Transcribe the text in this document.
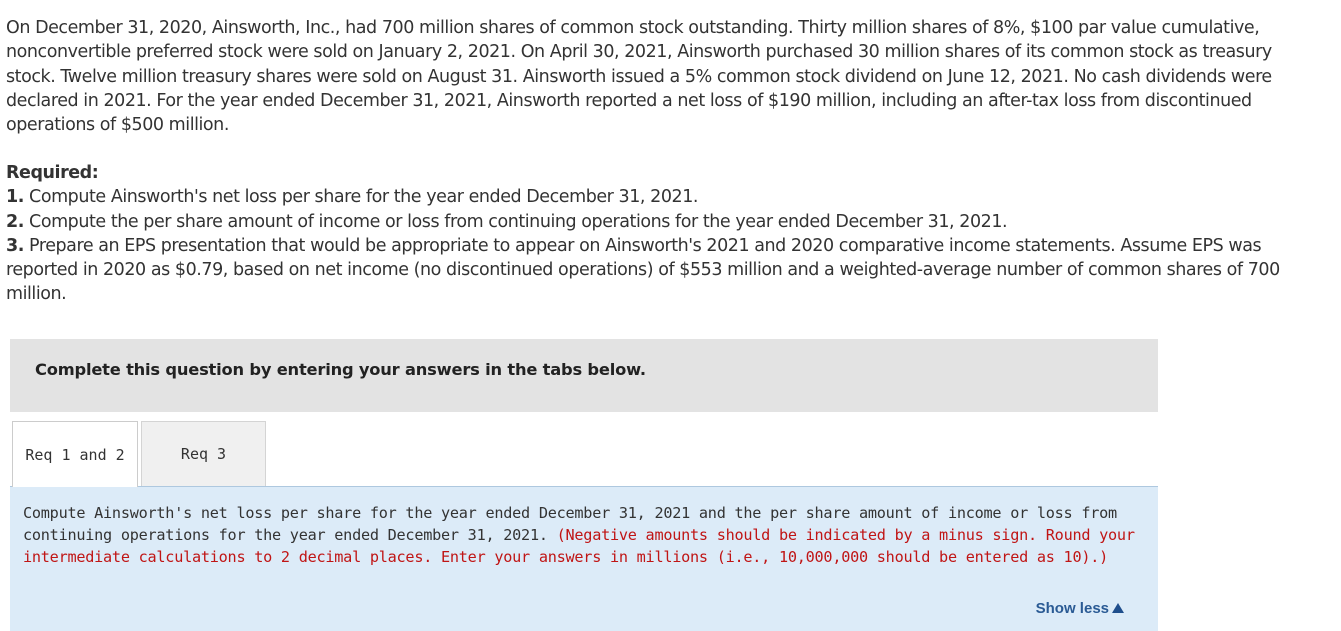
On December 31, 2020, Ainsworth, Inc., had 700 million shares of common stock outstanding. Thirty million shares of 8%, $100 par value cumulative, nonconvertible preferred stock were sold on January 2, 2021. On April 30, 2021, Ainsworth purchased 30 million shares of its common stock as treasury stock. Twelve million treasury shares were sold on August 31. Ainsworth issued a 5% common stock dividend on June 12, 2021. No cash dividends were declared in 2021. For the year ended December 31, 2021, Ainsworth reported a net loss of $190 million, including an after-tax loss from discontinued operations of $500 million.

Required:
1. Compute Ainsworth's net loss per share for the year ended December 31, 2021.
2. Compute the per share amount of income or loss from continuing operations for the year ended December 31, 2021.
3. Prepare an EPS presentation that would be appropriate to appear on Ainsworth's 2021 and 2020 comparative income statements. Assume EPS was reported in 2020 as $0.79, based on net income (no discontinued operations) of $553 million and a weighted-average number of common shares of 700 million.
Complete this question by entering your answers in the tabs below.
Req 1 and 2	Req 3

Compute Ainsworth's net loss per share for the year ended December 31, 2021 and the per share amount of income or loss from continuing operations for the year ended December 31, 2021. (Negative amounts should be indicated by a minus sign. Round your intermediate calculations to 2 decimal places. Enter your answers in millions (i.e., 10,000,000 should be entered as 10).)

Show less
